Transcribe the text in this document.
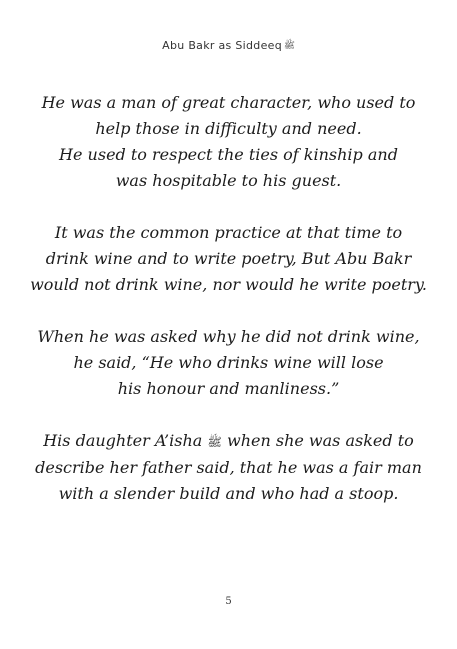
Abu Bakr as Siddeeq ﷺ

He was a man of great character, who used to
help those in difficulty and need.
He used to respect the ties of kinship and
was hospitable to his guest.

It was the common practice at that time to
drink wine and to write poetry, But Abu Bakr
would not drink wine, nor would he write poetry.

When he was asked why he did not drink wine,
he said, “He who drinks wine will lose
his honour and manliness.”

His daughter A’isha ﷺ when she was asked to
describe her father said, that he was a fair man
with a slender build and who had a stoop.

5
